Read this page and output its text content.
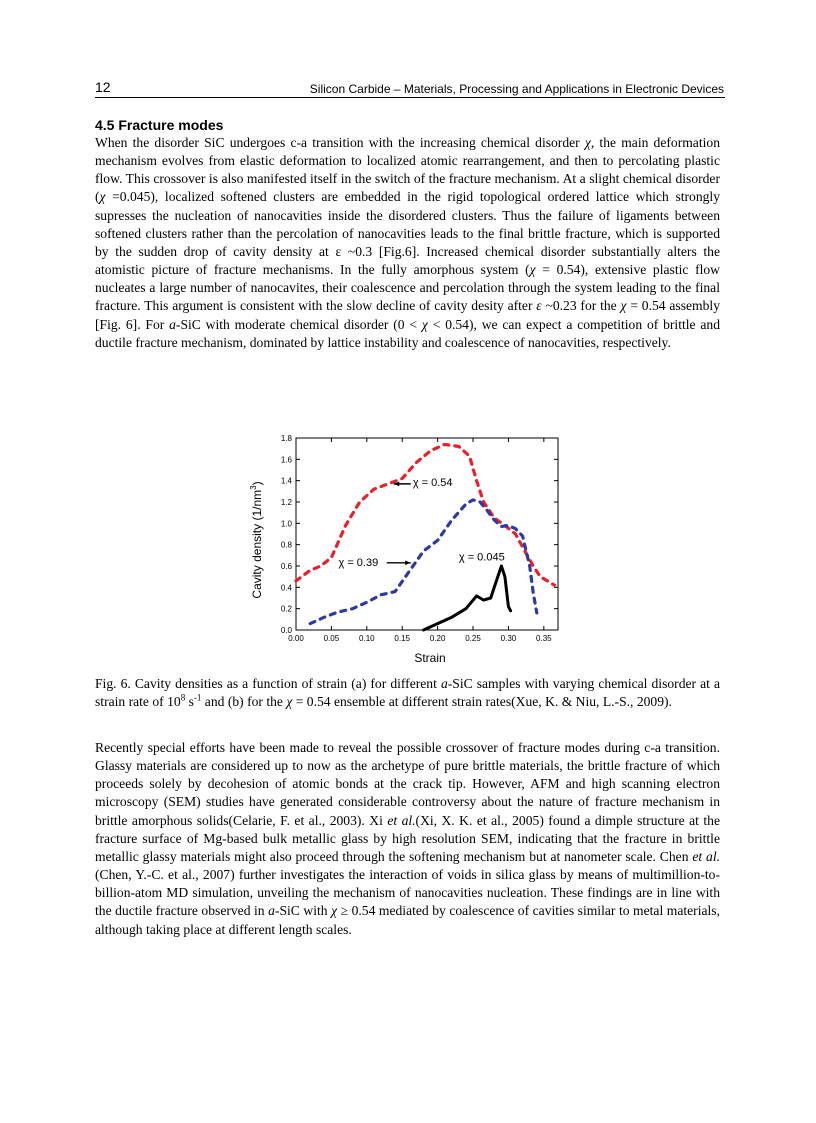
12	Silicon Carbide – Materials, Processing and Applications in Electronic Devices
4.5 Fracture modes

When the disorder SiC undergoes c-a transition with the increasing chemical disorder χ, the main deformation mechanism evolves from elastic deformation to localized atomic rearrangement, and then to percolating plastic flow. This crossover is also manifested itself in the switch of the fracture mechanism. At a slight chemical disorder (χ =0.045), localized softened clusters are embedded in the rigid topological ordered lattice which strongly supresses the nucleation of nanocavities inside the disordered clusters. Thus the failure of ligaments between softened clusters rather than the percolation of nanocavities leads to the final brittle fracture, which is supported by the sudden drop of cavity density at ε ~0.3 [Fig.6]. Increased chemical disorder substantially alters the atomistic picture of fracture mechanisms. In the fully amorphous system (χ = 0.54), extensive plastic flow nucleates a large number of nanocavites, their coalescence and percolation through the system leading to the final fracture. This argument is consistent with the slow decline of cavity desity after ε ~0.23 for the χ = 0.54 assembly [Fig. 6]. For a-SiC with moderate chemical disorder (0 < χ < 0.54), we can expect a competition of brittle and ductile fracture mechanism, dominated by lattice instability and coalescence of nanocavities, respectively.

0.00 0.05 0.10 0.15 0.20 0.25 0.30 0.35
0.0
0.2
0.4
0.6
0.8
1.0
1.2
1.4
1.6
1.8
χ = 0.54
χ = 0.39	χ = 0.045
Strain
Cavity density $(1/nm^3)$

Fig. 6. Cavity densities as a function of strain (a) for different a-SiC samples with varying chemical disorder at a strain rate of $10^8$ $s^{-1}$ and (b) for the χ = 0.54 ensemble at different strain rates(Xue, K. & Niu, L.-S., 2009).

Recently special efforts have been made to reveal the possible crossover of fracture modes during c-a transition. Glassy materials are considered up to now as the archetype of pure brittle materials, the brittle fracture of which proceeds solely by decohesion of atomic bonds at the crack tip. However, AFM and high scanning electron microscopy (SEM) studies have generated considerable controversy about the nature of fracture mechanism in brittle amorphous solids(Celarie, F. et al., 2003). Xi et al.(Xi, X. K. et al., 2005) found a dimple structure at the fracture surface of Mg-based bulk metallic glass by high resolution SEM, indicating that the fracture in brittle metallic glassy materials might also proceed through the softening mechanism but at nanometer scale. Chen et al.(Chen, Y.-C. et al., 2007) further investigates the interaction of voids in silica glass by means of multimillion-to-billion-atom MD simulation, unveiling the mechanism of nanocavities nucleation. These findings are in line with the ductile fracture observed in a-SiC with χ ≥ 0.54 mediated by coalescence of cavities similar to metal materials, although taking place at different length scales.
